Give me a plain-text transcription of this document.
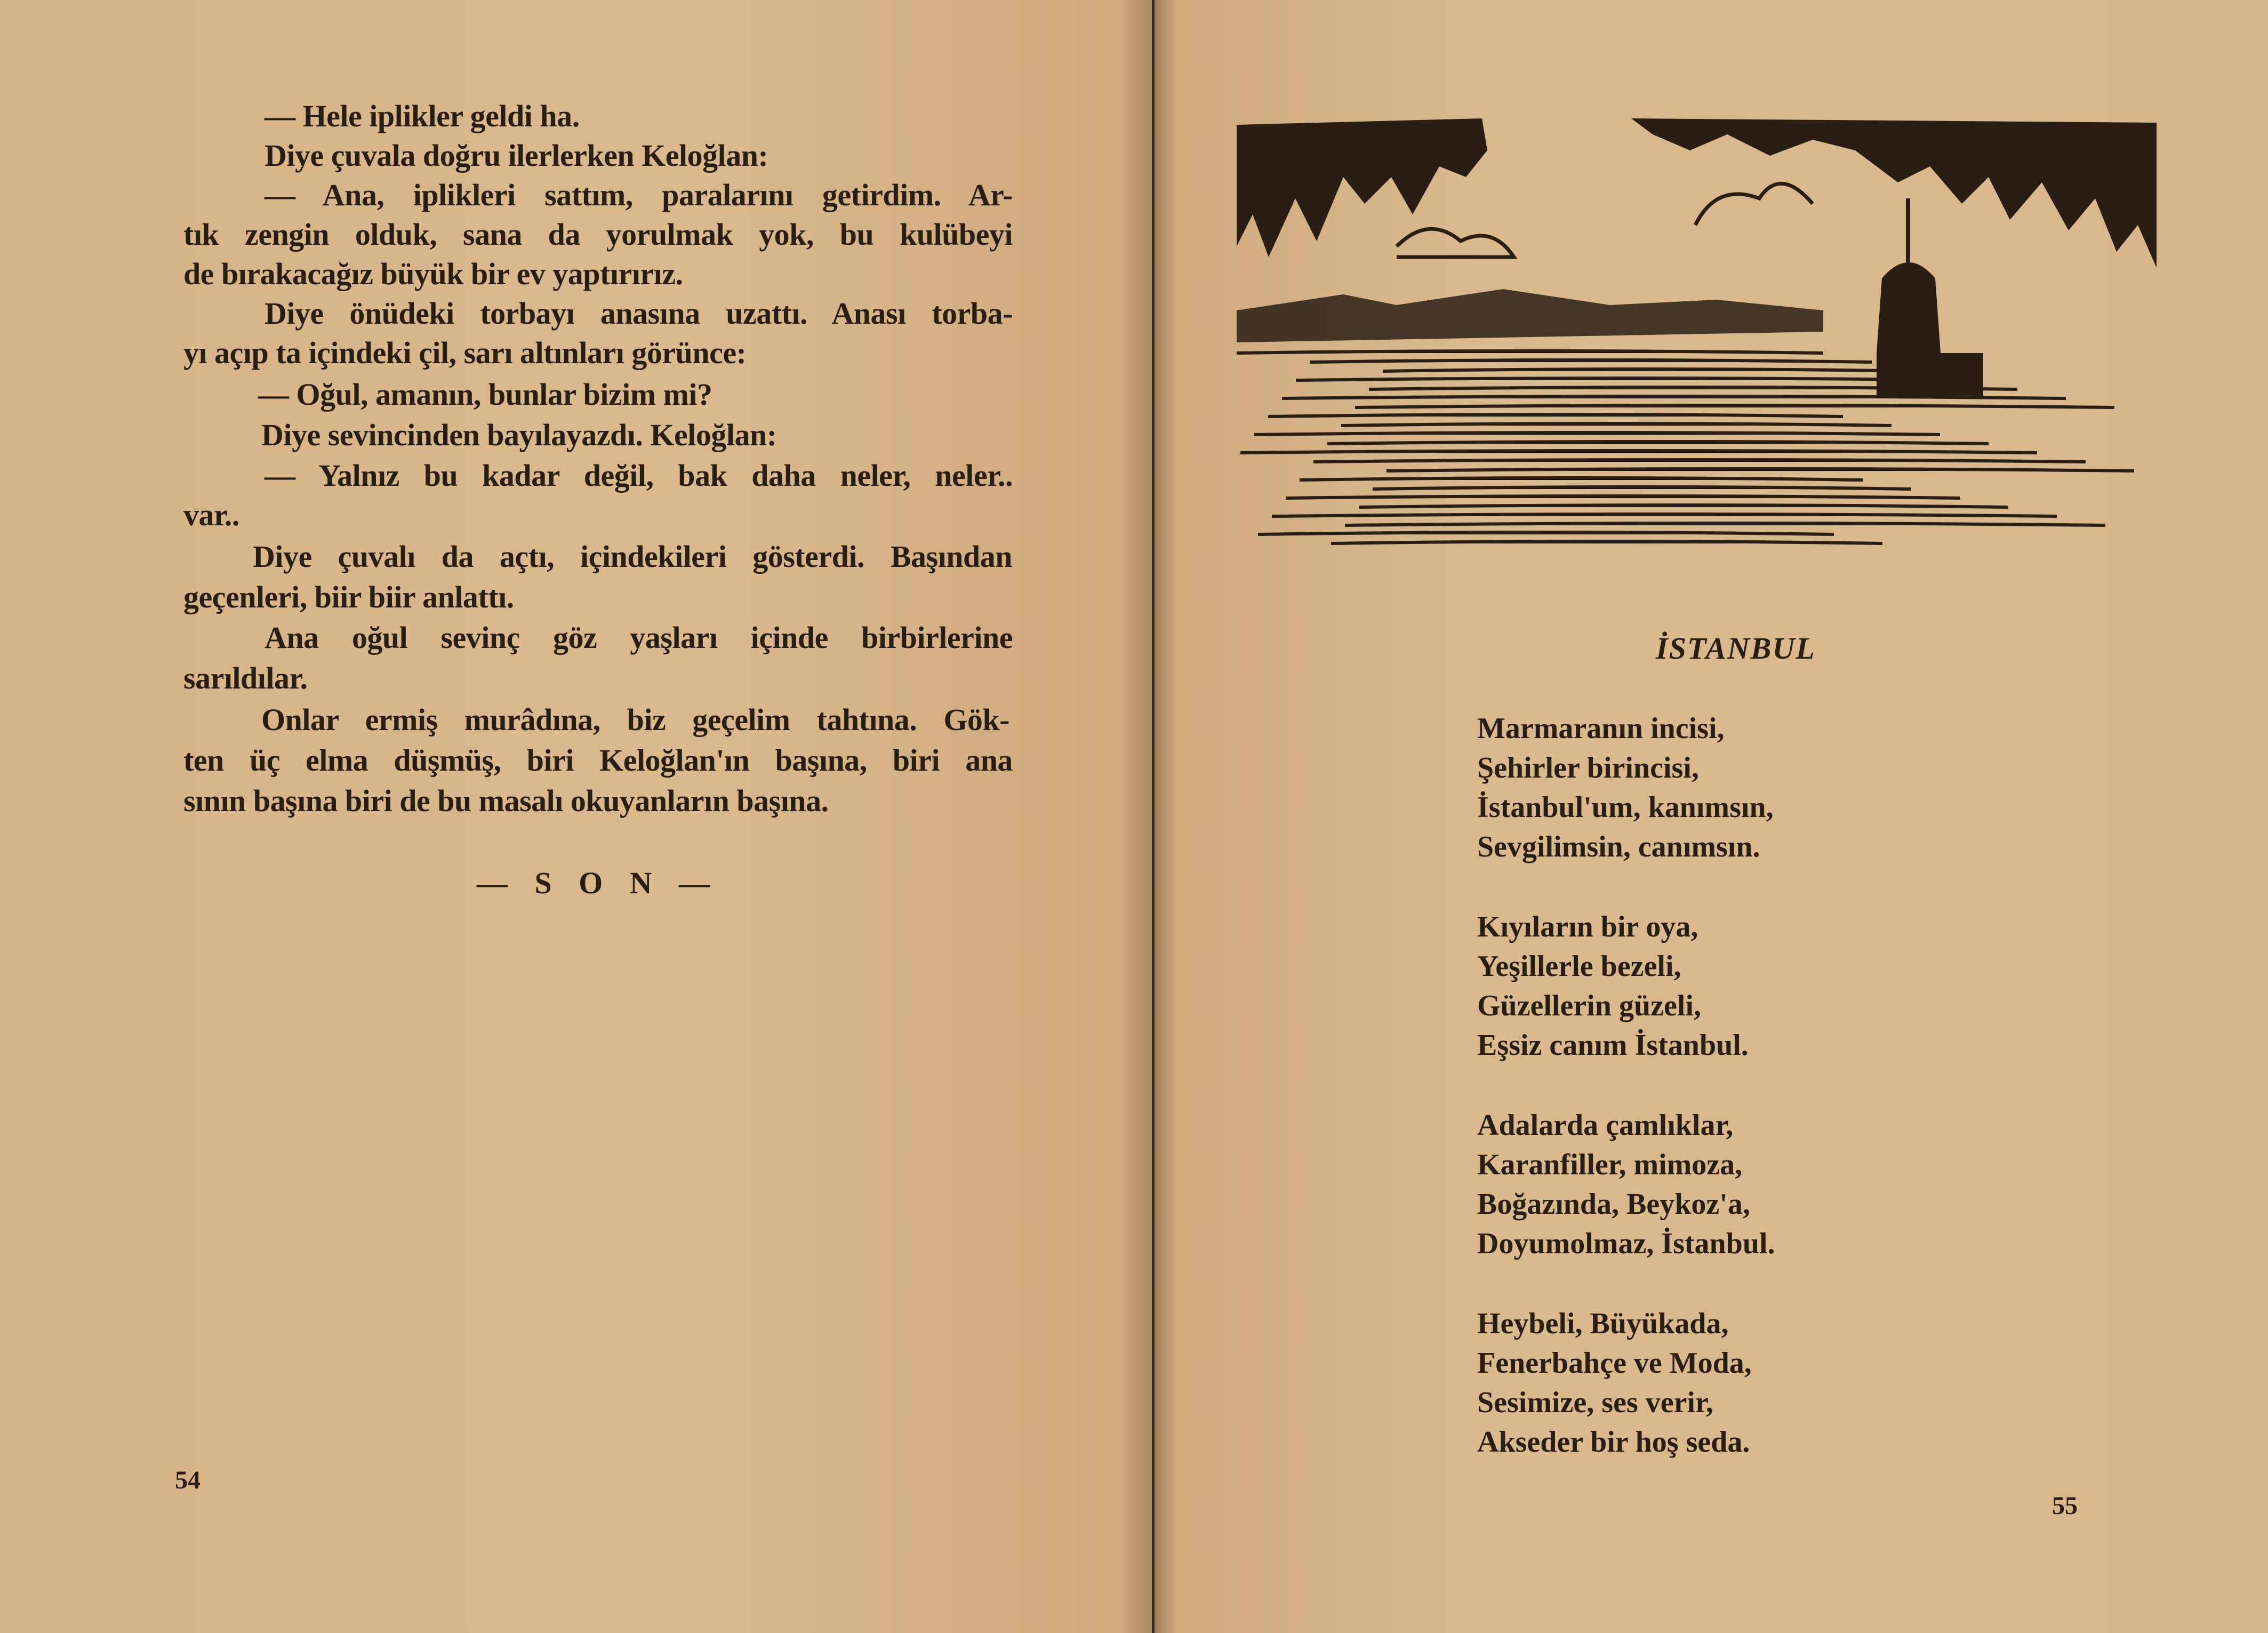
— Hele iplikler geldi ha.
Diye çuvala doğru ilerlerken Keloğlan:
— Ana, iplikleri sattım, paralarını getirdim. Ar-
tık zengin olduk, sana da yorulmak yok, bu kulübeyi
de bırakacağız büyük bir ev yaptırırız.
Diye önüdeki torbayı anasına uzattı. Anası torba-
yı açıp ta içindeki çil, sarı altınları görünce:
— Oğul, amanın, bunlar bizim mi?
Diye sevincinden bayılayazdı. Keloğlan:
— Yalnız bu kadar değil, bak daha neler, neler..
var..
Diye çuvalı da açtı, içindekileri gösterdi. Başından
geçenleri, biir biir anlattı.
Ana oğul sevinç göz yaşları içinde birbirlerine
sarıldılar.
Onlar ermiş murâdına, biz geçelim tahtına. Gök-
ten üç elma düşmüş, biri Keloğlan'ın başına, biri ana
sının başına biri de bu masalı okuyanların başına.
— S O N —
54
İSTANBUL
Marmaranın incisi,
Şehirler birincisi,
İstanbul'um, kanımsın,
Sevgilimsin, canımsın.
Kıyıların bir oya,
Yeşillerle bezeli,
Güzellerin güzeli,
Eşsiz canım İstanbul.
Adalarda çamlıklar,
Karanfiller, mimoza,
Boğazında, Beykoz'a,
Doyumolmaz, İstanbul.
Heybeli, Büyükada,
Fenerbahçe ve Moda,
Sesimize, ses verir,
Akseder bir hoş seda.
55
